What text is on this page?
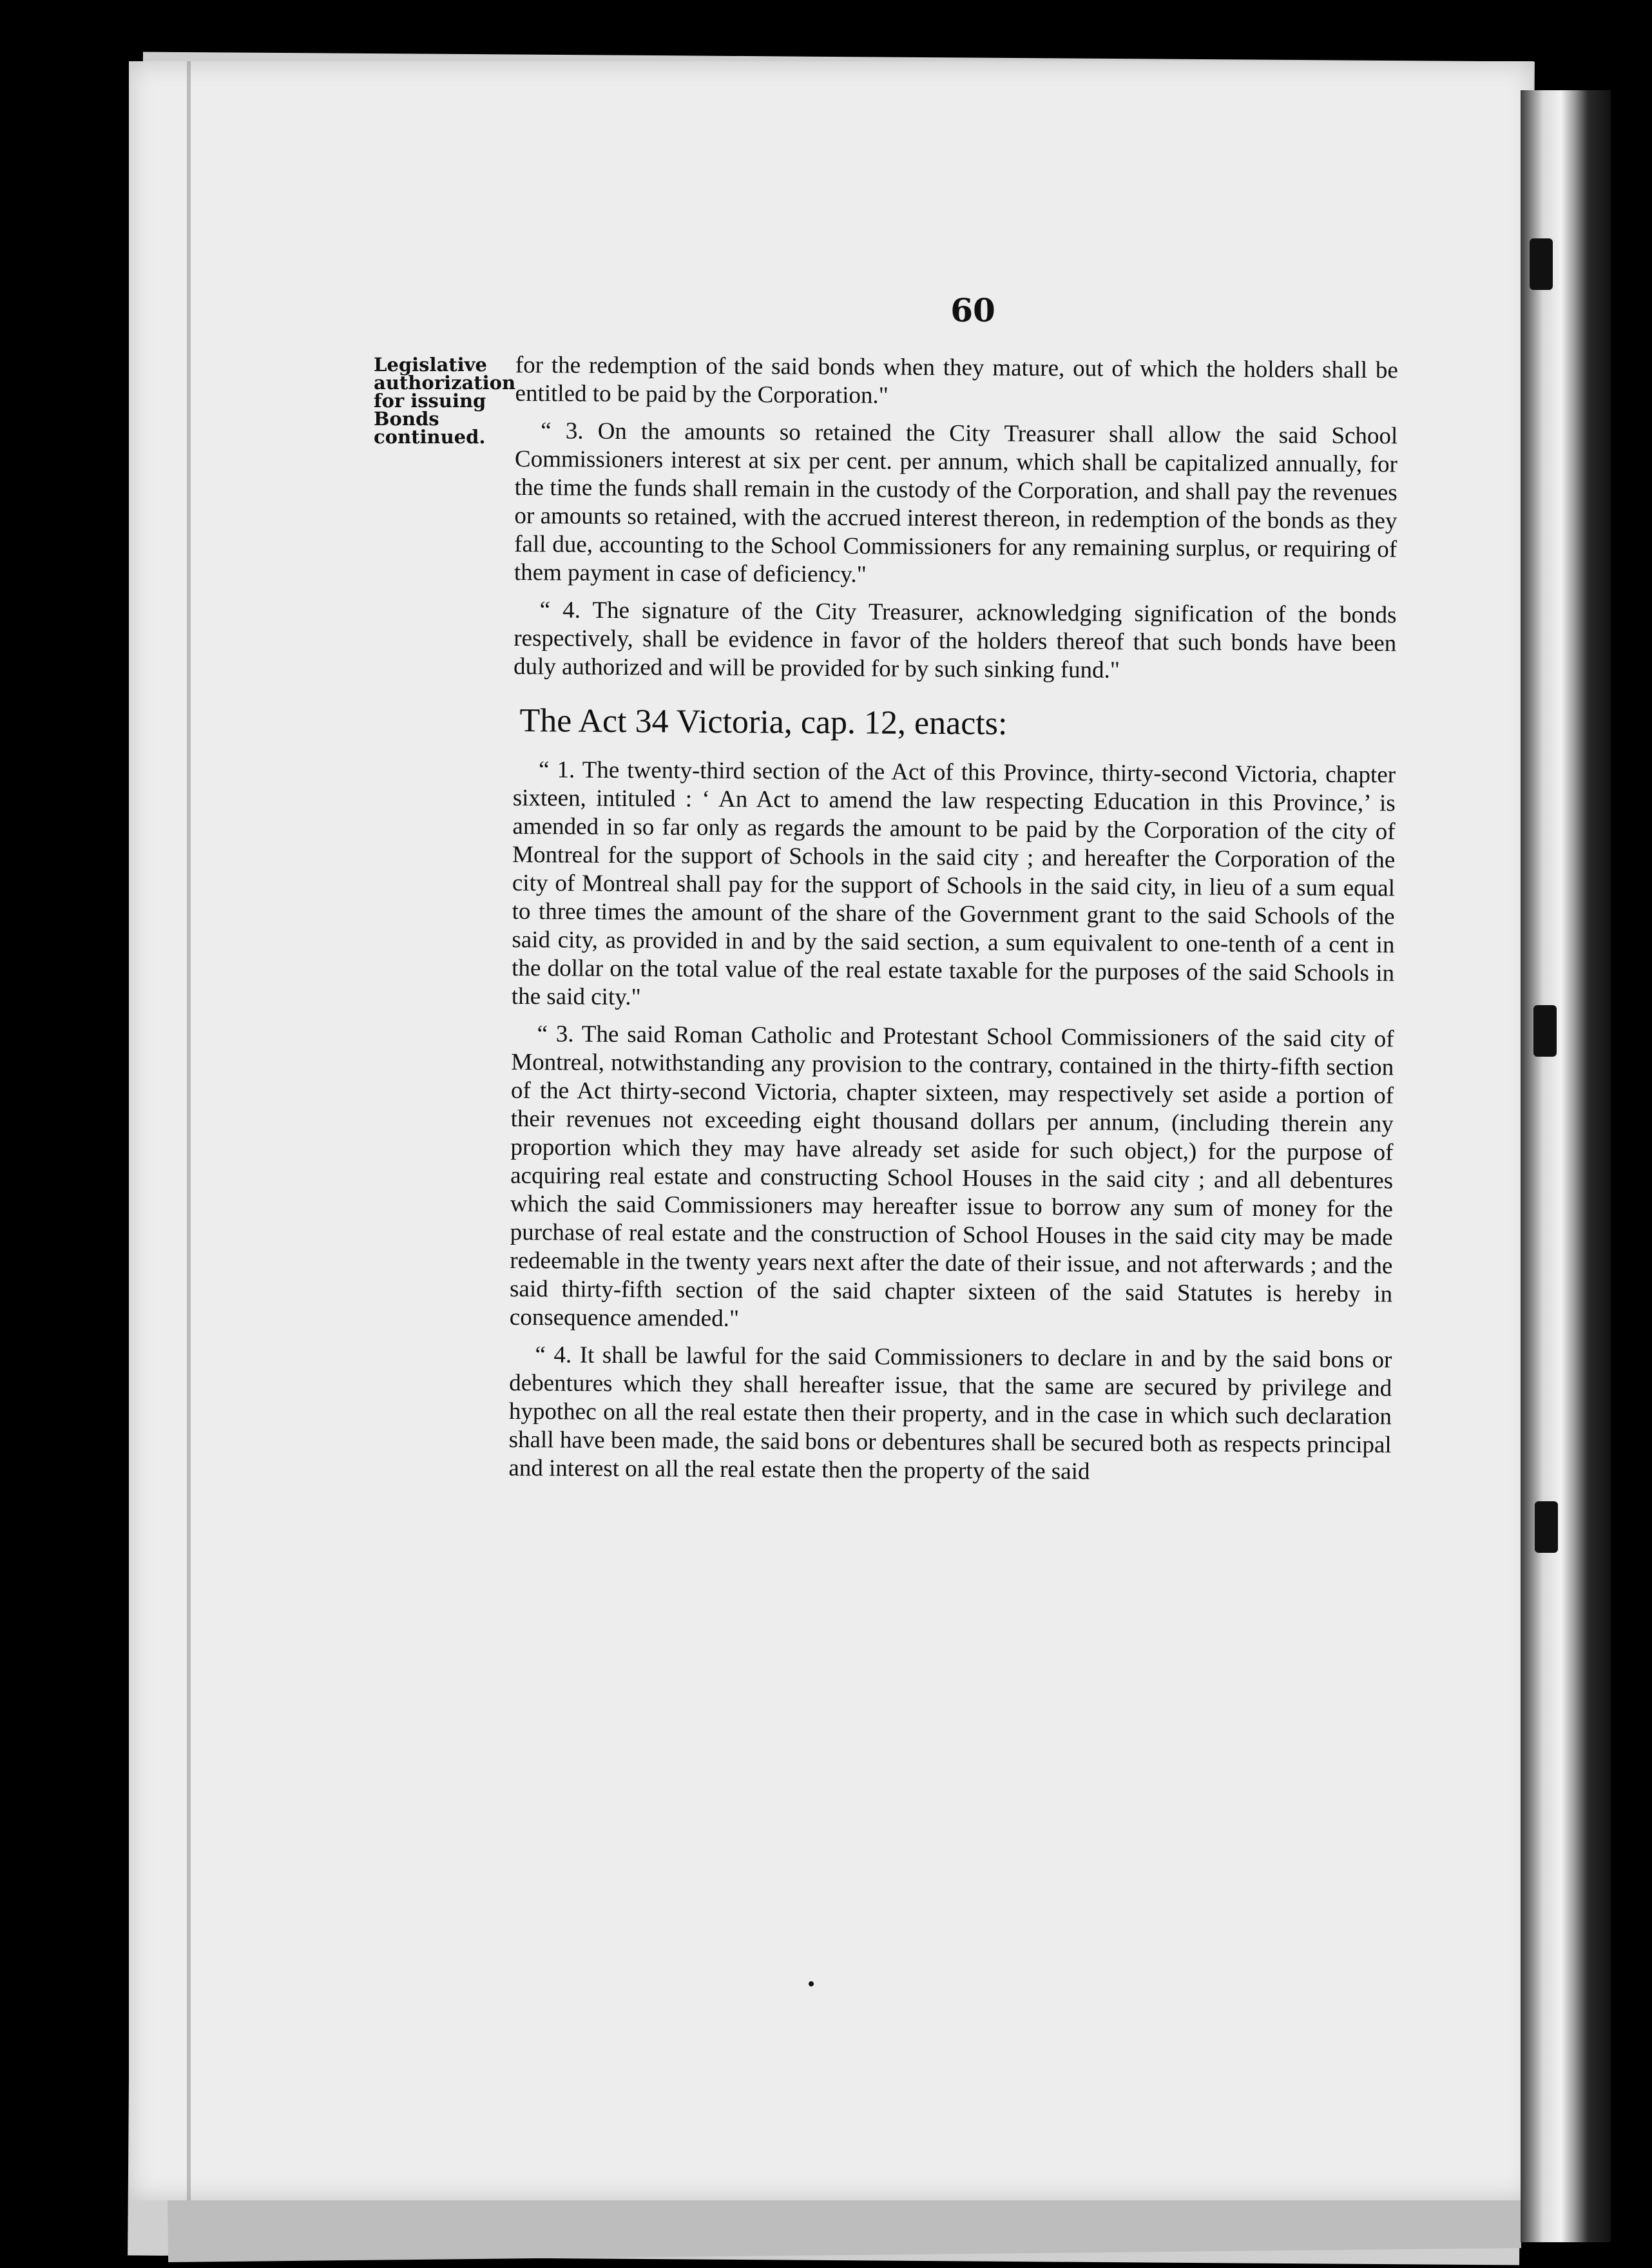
60
Legislative authorization for issuing Bonds continued.

for the redemption of the said bonds when they mature, out of which the holders shall be entitled to be paid by the Corporation."

“ 3. On the amounts so retained the City Treasurer shall allow the said School Commissioners interest at six per cent. per annum, which shall be capitalized annually, for the time the funds shall remain in the custody of the Corporation, and shall pay the revenues or amounts so retained, with the accrued interest thereon, in redemption of the bonds as they fall due, accounting to the School Commissioners for any remaining surplus, or requiring of them payment in case of deficiency."

“ 4. The signature of the City Treasurer, acknowledging signification of the bonds respectively, shall be evidence in favor of the holders thereof that such bonds have been duly authorized and will be provided for by such sinking fund."

The Act 34 Victoria, cap. 12, enacts:

“ 1. The twenty-third section of the Act of this Province, thirty-second Victoria, chapter sixteen, intituled : ‘ An Act to amend the law respecting Education in this Province,’ is amended in so far only as regards the amount to be paid by the Corporation of the city of Montreal for the support of Schools in the said city ; and hereafter the Corporation of the city of Montreal shall pay for the support of Schools in the said city, in lieu of a sum equal to three times the amount of the share of the Government grant to the said Schools of the said city, as provided in and by the said section, a sum equivalent to one-tenth of a cent in the dollar on the total value of the real estate taxable for the purposes of the said Schools in the said city."

“ 3. The said Roman Catholic and Protestant School Commissioners of the said city of Montreal, notwithstanding any provision to the contrary, contained in the thirty-fifth section of the Act thirty-second Victoria, chapter sixteen, may respectively set aside a portion of their revenues not exceeding eight thousand dollars per annum, (including therein any proportion which they may have already set aside for such object,) for the purpose of acquiring real estate and constructing School Houses in the said city ; and all debentures which the said Commissioners may hereafter issue to borrow any sum of money for the purchase of real estate and the construction of School Houses in the said city may be made redeemable in the twenty years next after the date of their issue, and not afterwards ; and the said thirty-fifth section of the said chapter sixteen of the said Statutes is hereby in consequence amended."

“ 4. It shall be lawful for the said Commissioners to declare in and by the said bons or debentures which they shall hereafter issue, that the same are secured by privilege and hypothec on all the real estate then their property, and in the case in which such declaration shall have been made, the said bons or debentures shall be secured both as respects principal and interest on all the real estate then the property of the said
